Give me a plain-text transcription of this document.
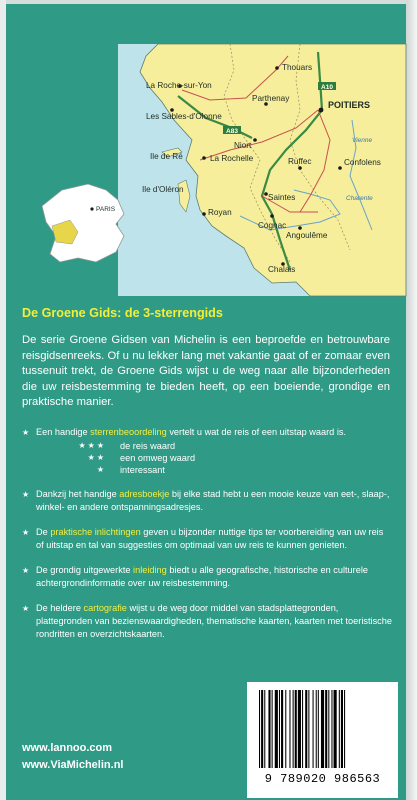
A10
A83
Thouars
La Roche-sur-Yon
Parthenay
POITIERS
Les Sables-d'Olonne
Niort
Ile de Ré	La Rochelle	Ruffec	Confolens
Ile d'Oléron
Saintes
Royan
Cognac
Angoulême
Chalais
Vienne
Charente
PARIS
De Groene Gids: de 3-sterrengids
De serie Groene Gidsen van Michelin is een beproefde en betrouwbare reisgidsenreeks. Of u nu lekker lang met vakantie gaat of er zomaar even tussenuit trekt, de Groene Gids wijst u de weg naar alle bijzonderheden die uw reisbestemming te bieden heeft, op een boeiende, grondige en praktische manier.
★ Een handige sterrenbeoordeling vertelt u wat de reis of een uitstap waard is.
★★★	de reis waard
★★	een omweg waard
★	interessant
★ Dankzij het handige adresboekje bij elke stad hebt u een mooie keuze van eet-, slaap-, winkel- en andere ontspanningsadresjes.
★ De praktische inlichtingen geven u bijzonder nuttige tips ter voorbereiding van uw reis of uitstap en tal van suggesties om optimaal van uw reis te kunnen genieten.
★ De grondig uitgewerkte inleiding biedt u alle geografische, historische en culturele achtergrondinformatie over uw reisbestemming.
★ De heldere cartografie wijst u de weg door middel van stadsplattegronden, plattegronden van bezienswaardigheden, thematische kaarten, kaarten met toeristische rondritten en overzichtskaarten.
www.lannoo.com
www.ViaMichelin.nl
9 789020 986563
